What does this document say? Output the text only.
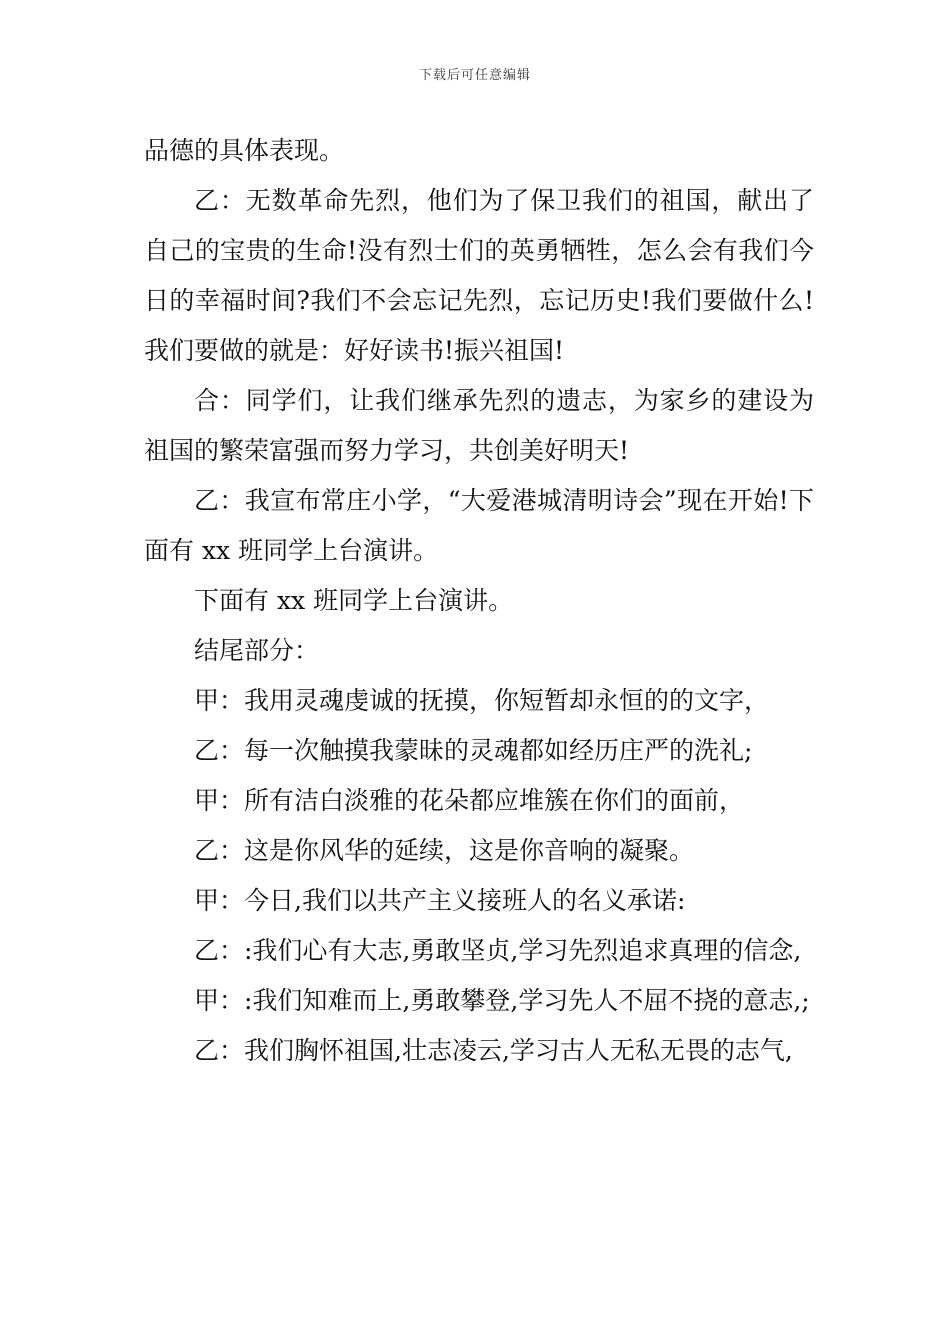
下载后可任意编辑

品德的具体表现。

乙：无数革命先烈，他们为了保卫我们的祖国，献出了自己的宝贵的生命!没有烈士们的英勇牺牲，怎么会有我们今日的幸福时间?我们不会忘记先烈，忘记历史!我们要做什么!我们要做的就是：好好读书!振兴祖国!

合：同学们，让我们继承先烈的遗志，为家乡的建设为祖国的繁荣富强而努力学习，共创美好明天!

乙：我宣布常庄小学，“大爱港城清明诗会”现在开始!下面有 xx 班同学上台演讲。

下面有 xx 班同学上台演讲。

结尾部分：

甲：我用灵魂虔诚的抚摸，你短暂却永恒的的文字，

乙：每一次触摸我蒙昧的灵魂都如经历庄严的洗礼;

甲：所有洁白淡雅的花朵都应堆簇在你们的面前，

乙：这是你风华的延续，这是你音响的凝聚。

甲：今日,我们以共产主义接班人的名义承诺:

乙：:我们心有大志,勇敢坚贞,学习先烈追求真理的信念,

甲：:我们知难而上,勇敢攀登,学习先人不屈不挠的意志,;

乙：我们胸怀祖国,壮志凌云,学习古人无私无畏的志气,
